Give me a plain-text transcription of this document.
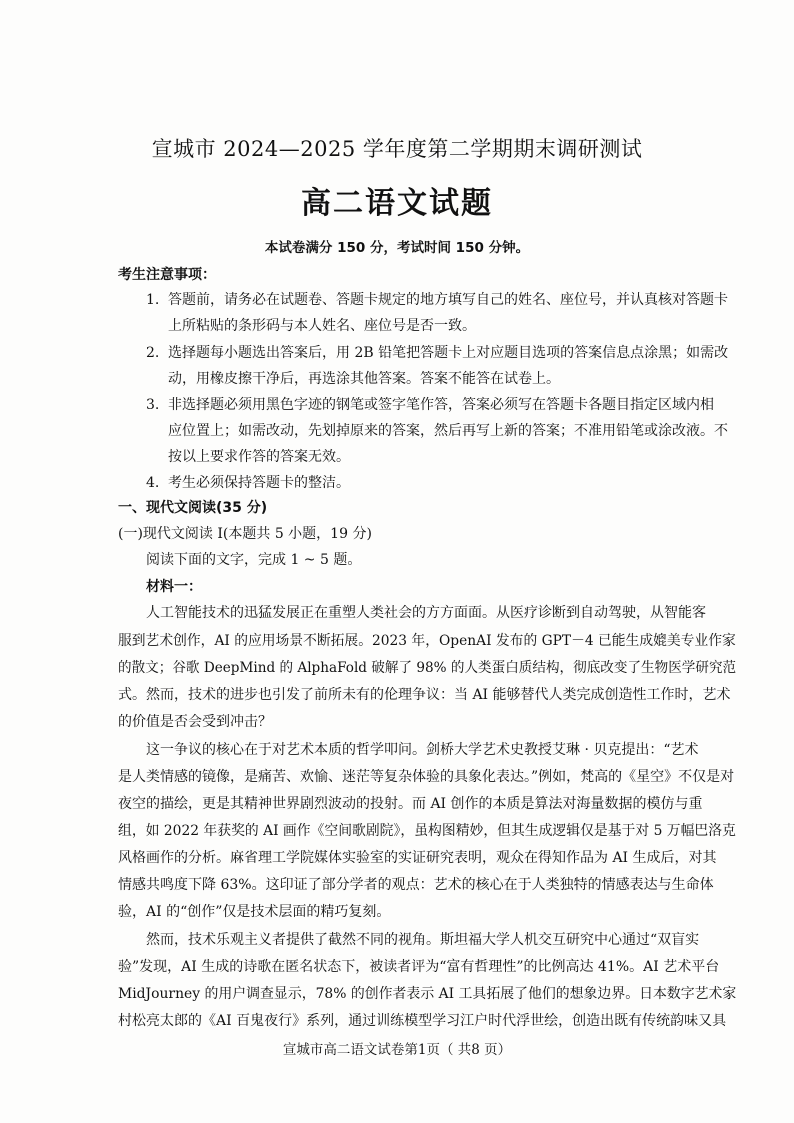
宣城市 2024—2025 学年度第二学期期末调研测试
高二语文试题
本试卷满分 150 分，考试时间 150 分钟。
考生注意事项：
1. 答题前，请务必在试题卷、答题卡规定的地方填写自己的姓名、座位号，并认真核对答题卡
上所粘贴的条形码与本人姓名、座位号是否一致。
2. 选择题每小题选出答案后，用 2B 铅笔把答题卡上对应题目选项的答案信息点涂黑；如需改
动，用橡皮擦干净后，再选涂其他答案。答案不能答在试卷上。
3. 非选择题必须用黑色字迹的钢笔或签字笔作答，答案必须写在答题卡各题目指定区域内相
应位置上；如需改动，先划掉原来的答案，然后再写上新的答案；不准用铅笔或涂改液。不
按以上要求作答的答案无效。
4. 考生必须保持答题卡的整洁。
一、现代文阅读(35 分)
(一)现代文阅读 I(本题共 5 小题，19 分)
阅读下面的文字，完成 1 ~ 5 题。
材料一：
人工智能技术的迅猛发展正在重塑人类社会的方方面面。从医疗诊断到自动驾驶，从智能客
服到艺术创作，AI 的应用场景不断拓展。2023 年，OpenAI 发布的 GPT－4 已能生成媲美专业作家
的散文；谷歌 DeepMind 的 AlphaFold 破解了 98% 的人类蛋白质结构，彻底改变了生物医学研究范
式。然而，技术的进步也引发了前所未有的伦理争议：当 AI 能够替代人类完成创造性工作时，艺术
的价值是否会受到冲击？
这一争议的核心在于对艺术本质的哲学叩问。剑桥大学艺术史教授艾琳 · 贝克提出：“艺术
是人类情感的镜像，是痛苦、欢愉、迷茫等复杂体验的具象化表达。”例如，梵高的《星空》不仅是对
夜空的描绘，更是其精神世界剧烈波动的投射。而 AI 创作的本质是算法对海量数据的模仿与重
组，如 2022 年获奖的 AI 画作《空间歌剧院》，虽构图精妙，但其生成逻辑仅是基于对 5 万幅巴洛克
风格画作的分析。麻省理工学院媒体实验室的实证研究表明，观众在得知作品为 AI 生成后，对其
情感共鸣度下降 63%。这印证了部分学者的观点：艺术的核心在于人类独特的情感表达与生命体
验，AI 的“创作”仅是技术层面的精巧复刻。
然而，技术乐观主义者提供了截然不同的视角。斯坦福大学人机交互研究中心通过“双盲实
验”发现，AI 生成的诗歌在匿名状态下，被读者评为“富有哲理性”的比例高达 41%。AI 艺术平台
MidJourney 的用户调查显示，78% 的创作者表示 AI 工具拓展了他们的想象边界。日本数字艺术家
村松亮太郎的《AI 百鬼夜行》系列，通过训练模型学习江户时代浮世绘，创造出既有传统韵味又具
宣城市高二语文试卷第1页（ 共8 页）
